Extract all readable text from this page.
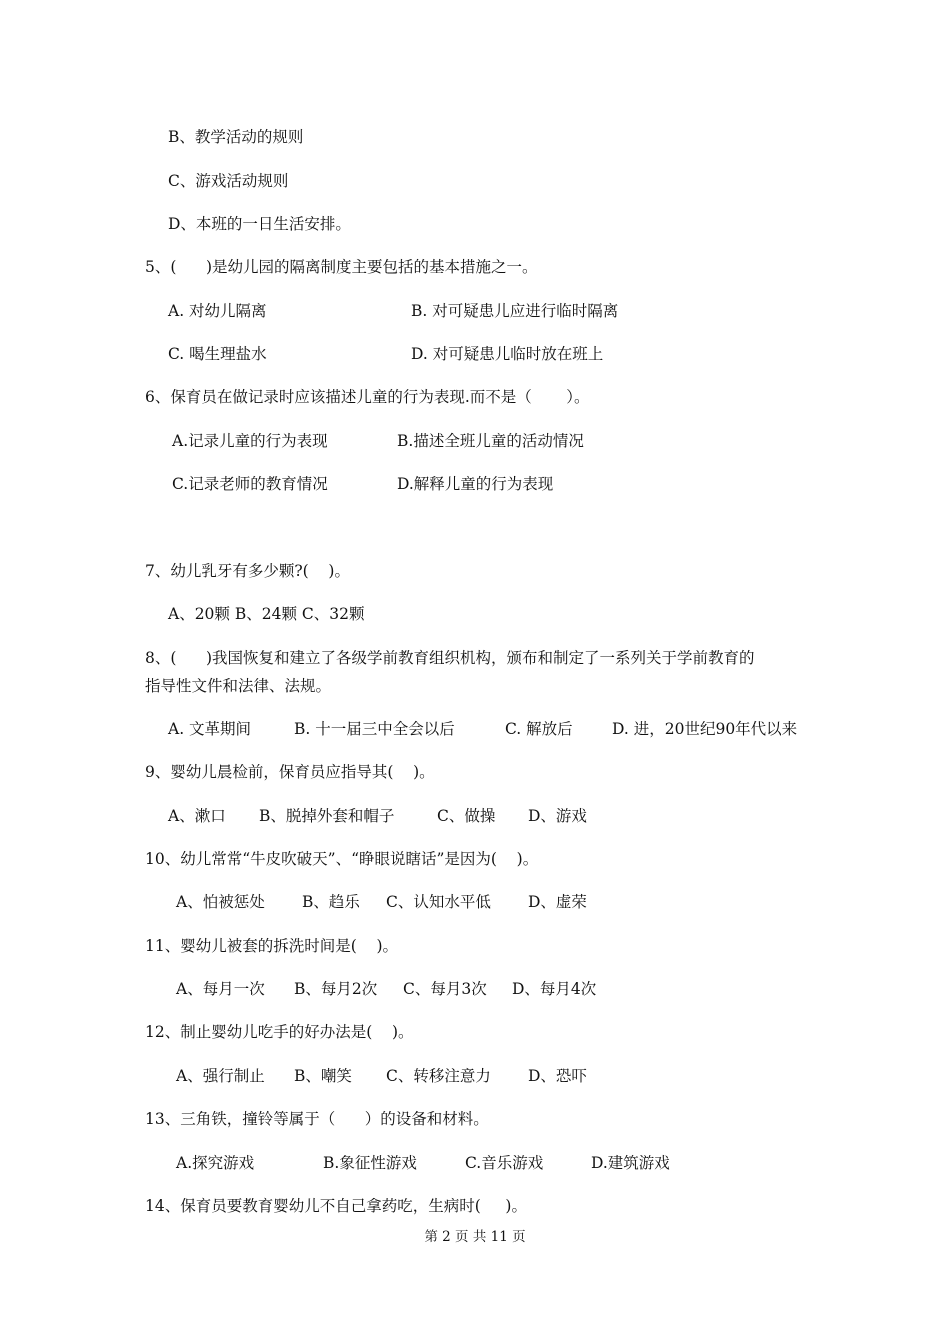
B、教学活动的规则
C、游戏活动规则
D、本班的一日生活安排。
5、(      )是幼儿园的隔离制度主要包括的基本措施之一。
A. 对幼儿隔离	B. 对可疑患儿应进行临时隔离
C. 喝生理盐水	D. 对可疑患儿临时放在班上
6、保育员在做记录时应该描述儿童的行为表现.而不是（       ）。
A.记录儿童的行为表现	B.描述全班儿童的活动情况
C.记录老师的教育情况	D.解释儿童的行为表现
7、幼儿乳牙有多少颗?(    )。
A、20颗 B、24颗 C、32颗
8、(      )我国恢复和建立了各级学前教育组织机构，颁布和制定了一系列关于学前教育的
指导性文件和法律、法规。
A. 文革期间	B. 十一届三中全会以后	C. 解放后	D. 进，20世纪90年代以来
9、婴幼儿晨检前，保育员应指导其(    )。
A、漱口 B、脱掉外套和帽子	C、做操 D、游戏
10、幼儿常常“牛皮吹破天”、“睁眼说瞎话”是因为(    )。
A、怕被惩处 B、趋乐 C、认知水平低 D、虚荣
11、婴幼儿被套的拆洗时间是(    )。
A、每月一次 B、每月2次 C、每月3次 D、每月4次
12、制止婴幼儿吃手的好办法是(    )。
A、强行制止 B、嘲笑 C、转移注意力 D、恐吓
13、三角铁，撞铃等属于（      ）的设备和材料。
A.探究游戏	B.象征性游戏	C.音乐游戏	D.建筑游戏
14、保育员要教育婴幼儿不自己拿药吃，生病时(     )。
第 2 页 共 11 页
